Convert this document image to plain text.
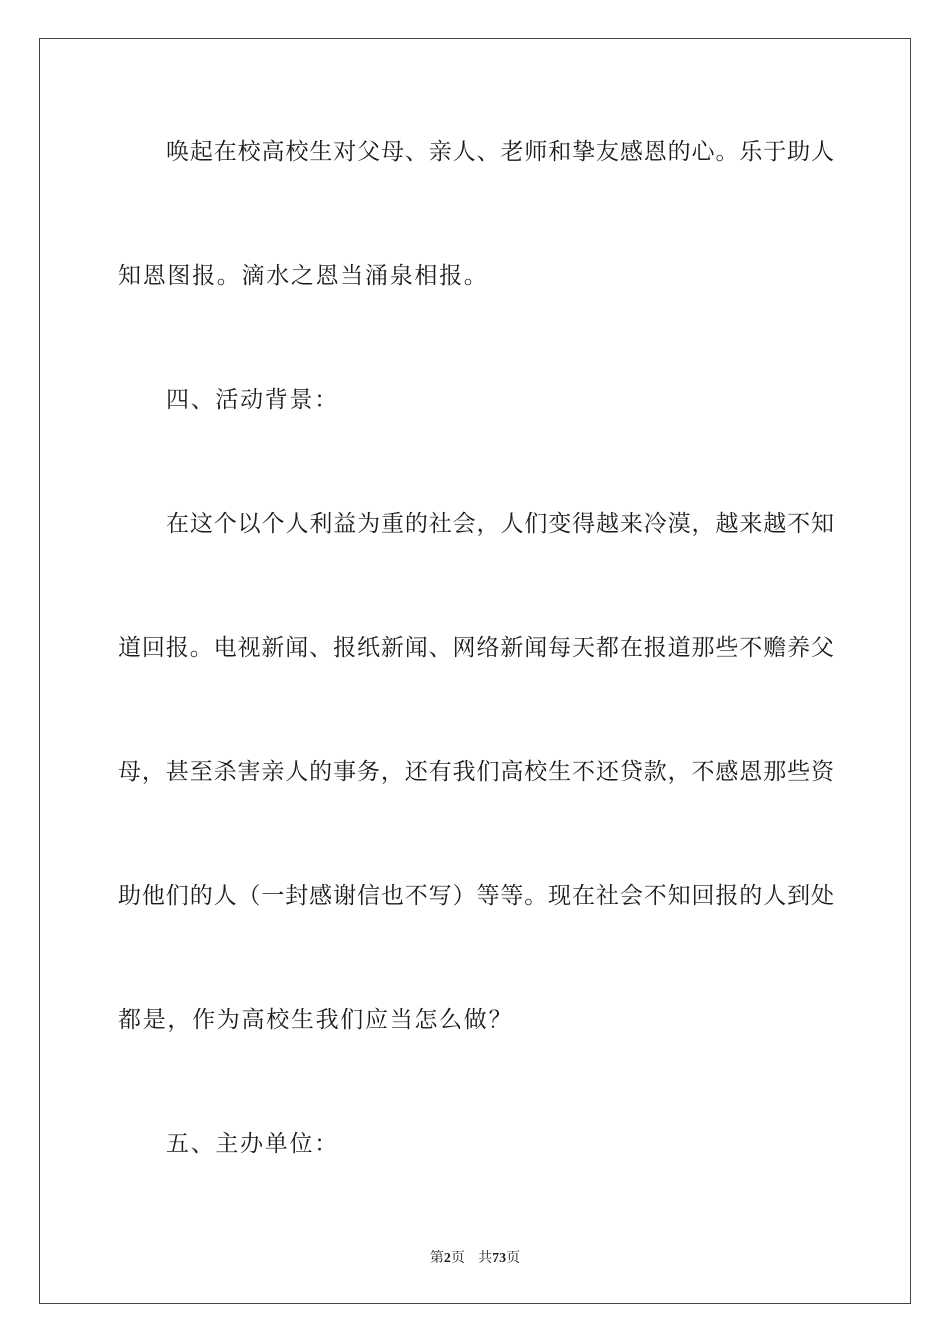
唤起在校高校生对父母、亲人、老师和挚友感恩的心。乐于助人
知恩图报。滴水之恩当涌泉相报。
四、活动背景：
在这个以个人利益为重的社会，人们变得越来冷漠，越来越不知
道回报。电视新闻、报纸新闻、网络新闻每天都在报道那些不赡养父
母，甚至杀害亲人的事务，还有我们高校生不还贷款，不感恩那些资
助他们的人（一封感谢信也不写）等等。现在社会不知回报的人到处
都是，作为高校生我们应当怎么做？
五、主办单位：
第2页 共73页
